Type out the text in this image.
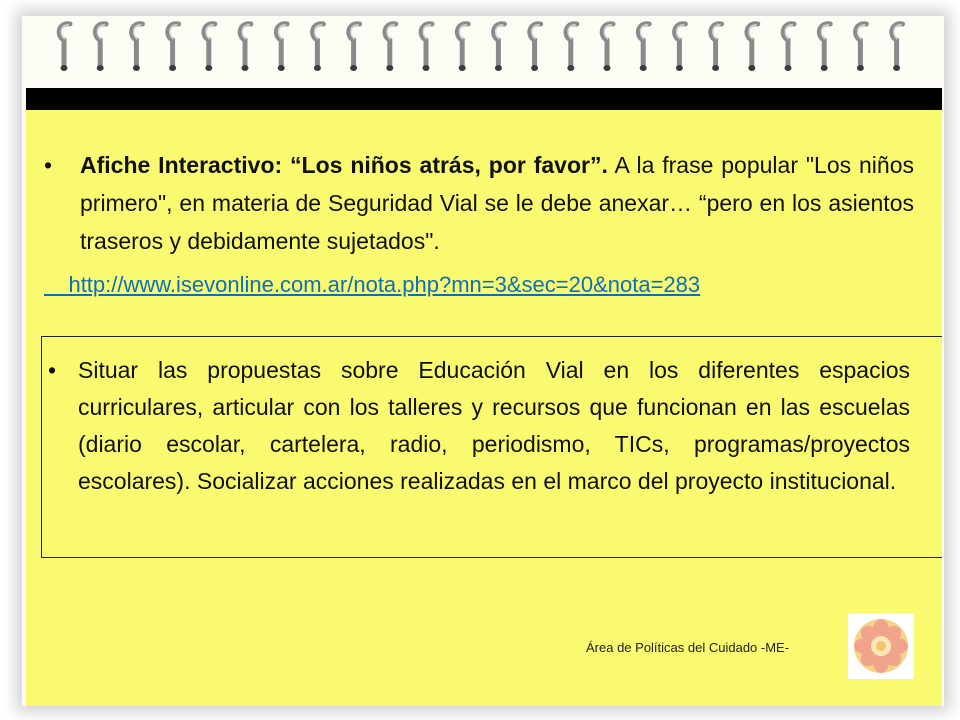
•	Afiche Interactivo: “Los niños atrás, por favor”. A la frase popular "Los niños primero", en materia de Seguridad Vial se le debe anexar… “pero en los asientos traseros y debidamente sujetados".
http://www.isevonline.com.ar/nota.php?mn=3&sec=20&nota=283
• Situar las propuestas sobre Educación Vial en los diferentes espacios curriculares, articular con los talleres y recursos que funcionan en las escuelas (diario escolar, cartelera, radio, periodismo, TICs, programas/proyectos escolares). Socializar acciones realizadas en el marco del proyecto institucional.
Área de Políticas del Cuidado -ME-
